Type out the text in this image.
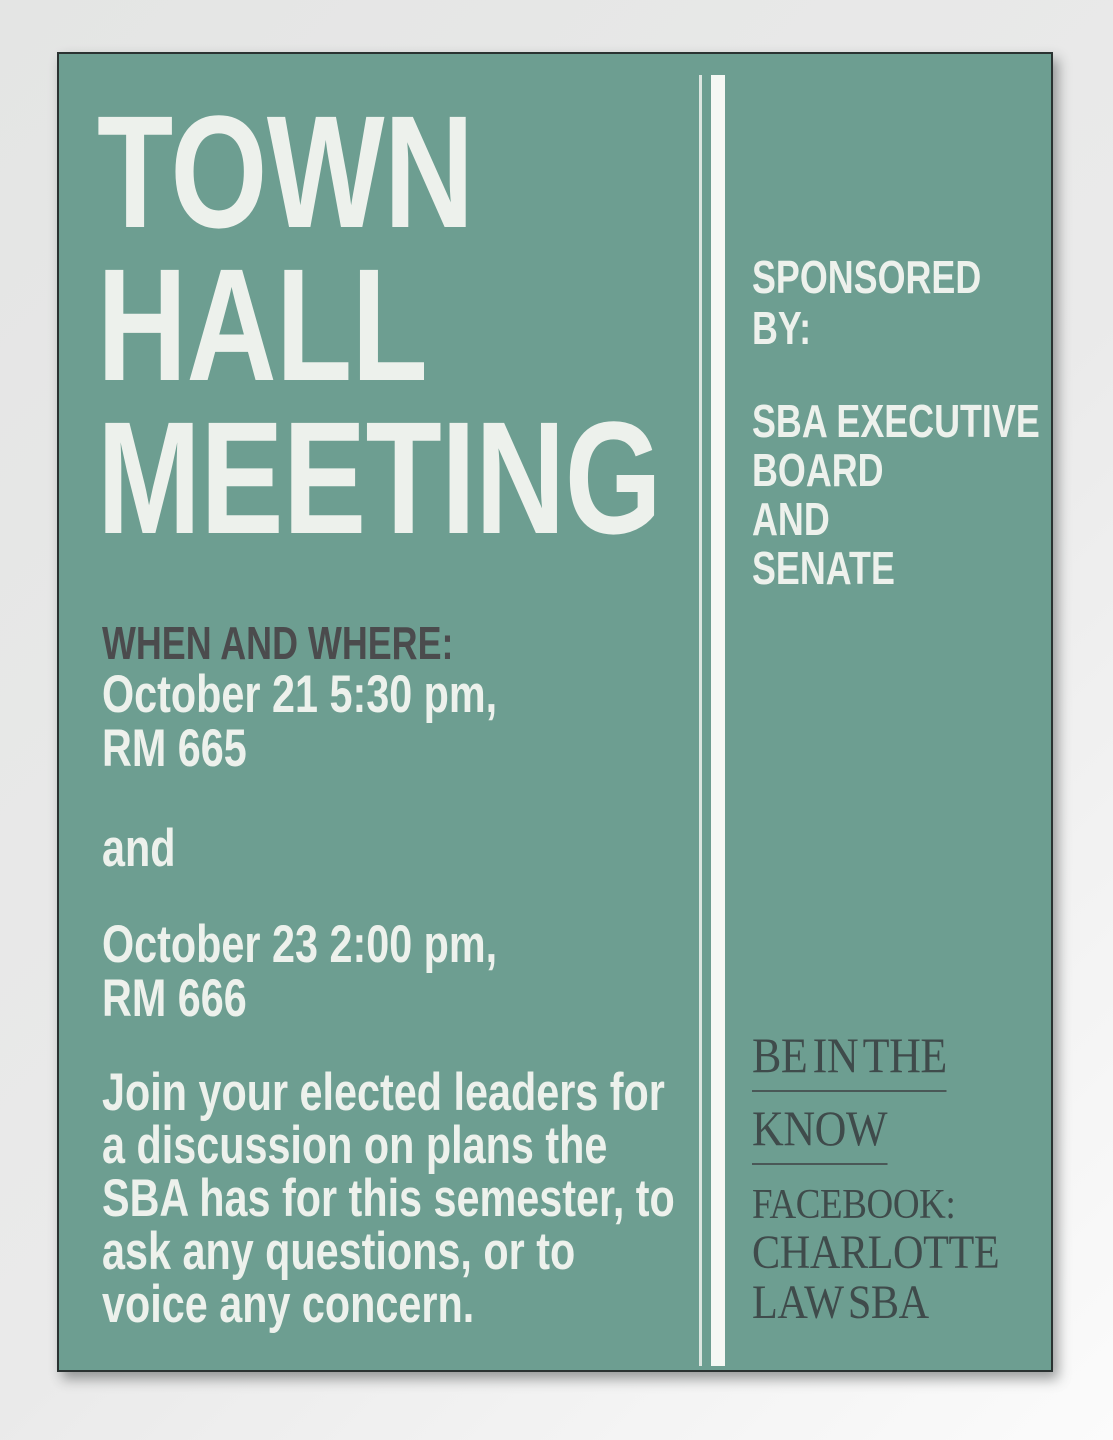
TOWN
HALL
MEETING
WHEN AND WHERE:
October 21 5:30 pm,
RM 665
and
October 23 2:00 pm,
RM 666
Join your elected leaders for
a discussion on plans the
SBA has for this semester, to
ask any questions, or to
voice any concern.
SPONSORED
BY:
SBA EXECUTIVE
BOARD
AND
SENATE
BE IN THE
KNOW
FACEBOOK:
CHARLOTTE
LAW SBA
